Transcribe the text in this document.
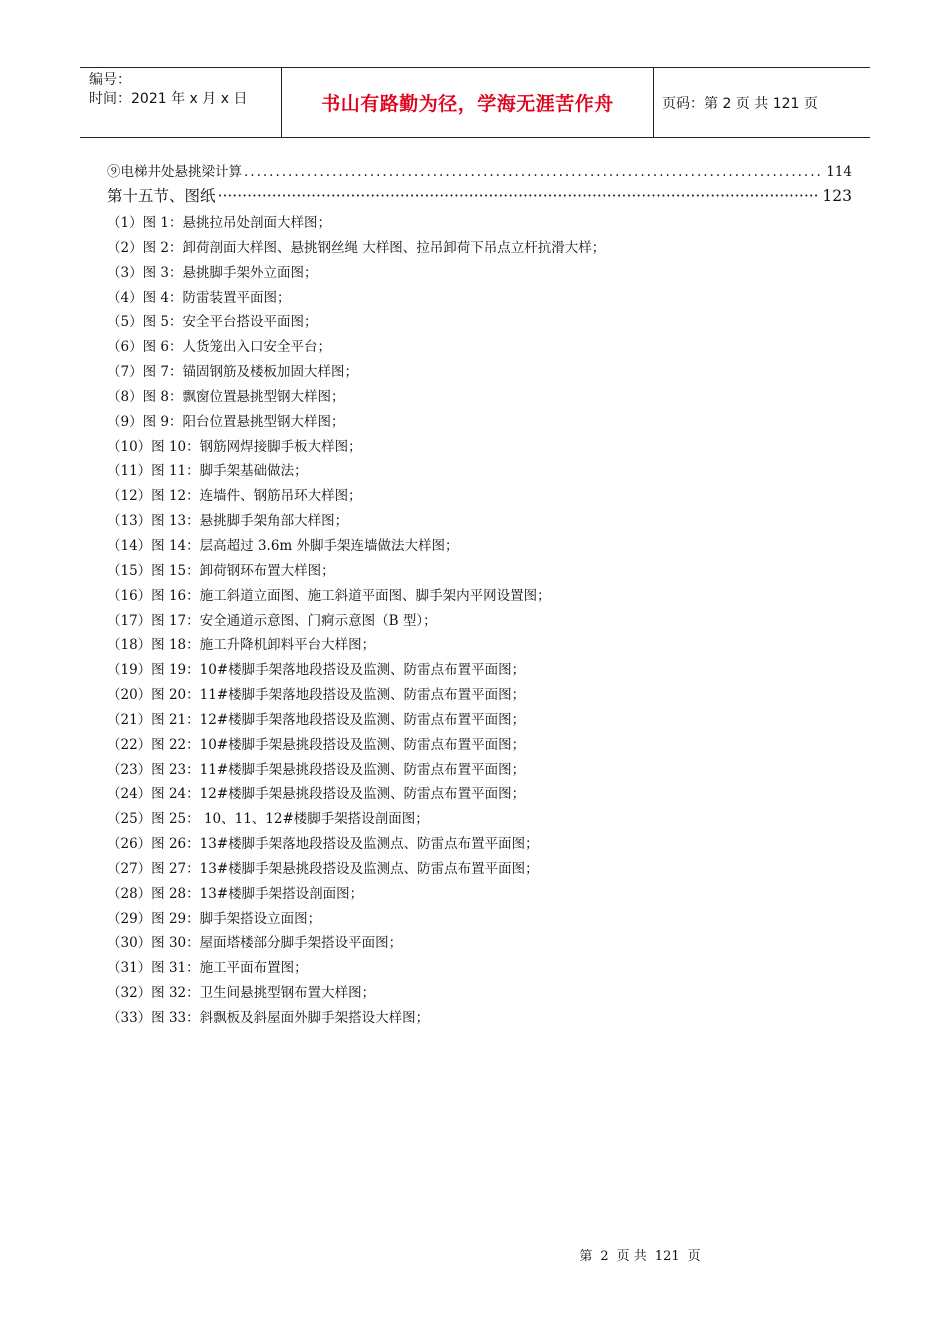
编号：
时间：2021 年 x 月 x 日	书山有路勤为径，学海无涯苦作舟	页码：第 2 页 共 121 页
⑨电梯井处悬挑梁计算 .....	114
第十五节、图纸 ·····	123
（1）图 1：悬挑拉吊处剖面大样图；
（2）图 2：卸荷剖面大样图、悬挑钢丝绳 大样图、拉吊卸荷下吊点立杆抗滑大样；
（3）图 3：悬挑脚手架外立面图；
（4）图 4：防雷装置平面图；
（5）图 5：安全平台搭设平面图；
（6）图 6：人货笼出入口安全平台；
（7）图 7：锚固钢筋及楼板加固大样图；
（8）图 8：飘窗位置悬挑型钢大样图；
（9）图 9：阳台位置悬挑型钢大样图；
（10）图 10：钢筋网焊接脚手板大样图；
（11）图 11：脚手架基础做法；
（12）图 12：连墙件、钢筋吊环大样图；
（13）图 13：悬挑脚手架角部大样图；
（14）图 14：层高超过 3.6m 外脚手架连墙做法大样图；
（15）图 15：卸荷钢环布置大样图；
（16）图 16：施工斜道立面图、施工斜道平面图、脚手架内平网设置图；
（17）图 17：安全通道示意图、门痾示意图（B 型）；
（18）图 18：施工升降机卸料平台大样图；
（19）图 19：10#楼脚手架落地段搭设及监测、防雷点布置平面图；
（20）图 20：11#楼脚手架落地段搭设及监测、防雷点布置平面图；
（21）图 21：12#楼脚手架落地段搭设及监测、防雷点布置平面图；
（22）图 22：10#楼脚手架悬挑段搭设及监测、防雷点布置平面图；
（23）图 23：11#楼脚手架悬挑段搭设及监测、防雷点布置平面图；
（24）图 24：12#楼脚手架悬挑段搭设及监测、防雷点布置平面图；
（25）图 25： 10、11、12#楼脚手架搭设剖面图；
（26）图 26：13#楼脚手架落地段搭设及监测点、防雷点布置平面图；
（27）图 27：13#楼脚手架悬挑段搭设及监测点、防雷点布置平面图；
（28）图 28：13#楼脚手架搭设剖面图；
（29）图 29：脚手架搭设立面图；
（30）图 30：屋面塔楼部分脚手架搭设平面图；
（31）图 31：施工平面布置图；
（32）图 32：卫生间悬挑型钢布置大样图；
（33）图 33：斜飘板及斜屋面外脚手架搭设大样图；
第 2 页 共 121 页
